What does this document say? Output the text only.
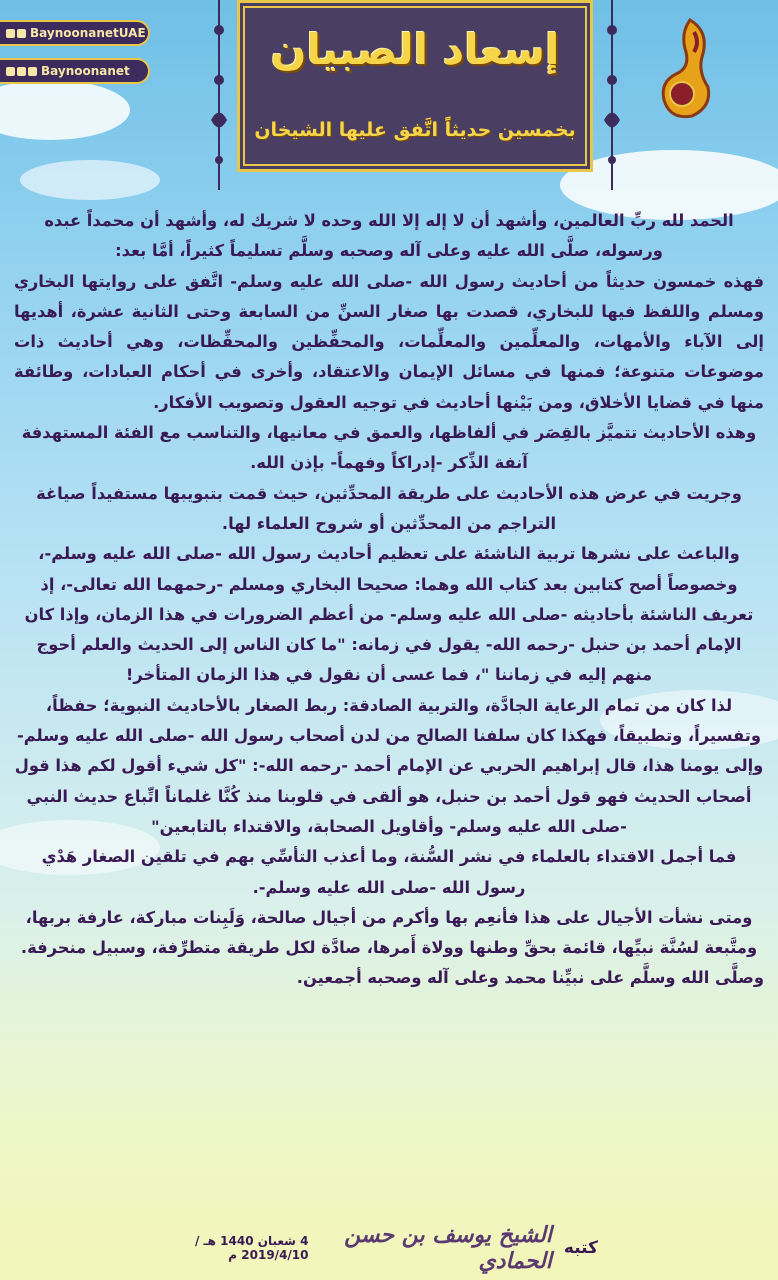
BaynoonanetUAE
Baynoonanet	إسعاد الصبيان
بخمسين حديثاً اتَّفق عليها الشيخان

الحمد لله ربِّ العالمين، وأشهد أن لا إله إلا الله وحده لا شريك له، وأشهد أن محمداً عبده ورسوله، صلَّى الله عليه وعلى آله وصحبه وسلَّم تسليماً كثيراً، أمَّا بعد:

فهذه خمسون حديثاً من أحاديث رسول الله -صلى الله عليه وسلم- اتَّفق على روايتها البخاري ومسلم واللفظ فيها للبخاري، قصدت بها صغار السنِّ من السابعة وحتى الثانية عشرة، أهديها إلى الآباء والأمهات، والمعلِّمين والمعلِّمات، والمحفِّظين والمحفِّظات، وهي أحاديث ذات موضوعات متنوعة؛ فمنها في مسائل الإيمان والاعتقاد، وأخرى في أحكام العبادات، وطائفة منها في قضايا الأخلاق، ومن بَيْنها أحاديث في توجيه العقول وتصويب الأفكار.

وهذه الأحاديث تتميَّز بالقِصَر في ألفاظها، والعمق في معانيها، والتناسب مع الفئة المستهدفة آنفة الذِّكر -إدراكاً وفهماً- بإذن الله.

وجريت في عرض هذه الأحاديث على طريقة المحدِّثين، حيث قمت بتبويبها مستفيداً صياغة التراجم من المحدِّثين أو شروح العلماء لها.

والباعث على نشرها تربية الناشئة على تعظيم أحاديث رسول الله -صلى الله عليه وسلم-، وخصوصاً أصح كتابين بعد كتاب الله وهما: صحيحا البخاري ومسلم -رحمهما الله تعالى-، إذ تعريف الناشئة بأحاديثه -صلى الله عليه وسلم- من أعظم الضرورات في هذا الزمان، وإذا كان الإمام أحمد بن حنبل -رحمه الله- يقول في زمانه: "ما كان الناس إلى الحديث والعلم أحوج منهم إليه في زماننا "، فما عسى أن نقول في هذا الزمان المتأخر!

لذا كان من تمام الرعاية الجادَّة، والتربية الصادقة: ربط الصغار بالأحاديث النبوية؛ حفظاً، وتفسيراً، وتطبيقاً، فهكذا كان سلفنا الصالح من لدن أصحاب رسول الله -صلى الله عليه وسلم- وإلى يومنا هذا، قال إبراهيم الحربي عن الإمام أحمد -رحمه الله-: "كل شيء أقول لكم هذا قول أصحاب الحديث فهو قول أحمد بن حنبل، هو ألقى في قلوبنا منذ كُنَّا غلماناً اتِّباع حديث النبي -صلى الله عليه وسلم- وأقاويل الصحابة، والاقتداء بالتابعين"

فما أجمل الاقتداء بالعلماء في نشر السُّنة، وما أعذب التأسِّي بهم في تلقين الصغار هَدْي رسول الله -صلى الله عليه وسلم-.

ومتى نشأت الأجيال على هذا فأنعِم بها وأكرم من أجيال صالحة، وَلَبِنات مباركة، عارفة بربها، ومتَّبعة لسُنَّة نبيِّها، قائمة بحقِّ وطنها وولاة أَمرها، صادَّة لكل طريقة متطرِّفة، وسبيل منحرفة.

وصلَّى الله وسلَّم على نبيِّنا محمد وعلى آله وصحبه أجمعين.

كتبه
الشيخ يوسف بن حسن الحمادي
4 شعبان 1440 هـ / 2019/4/10 م
